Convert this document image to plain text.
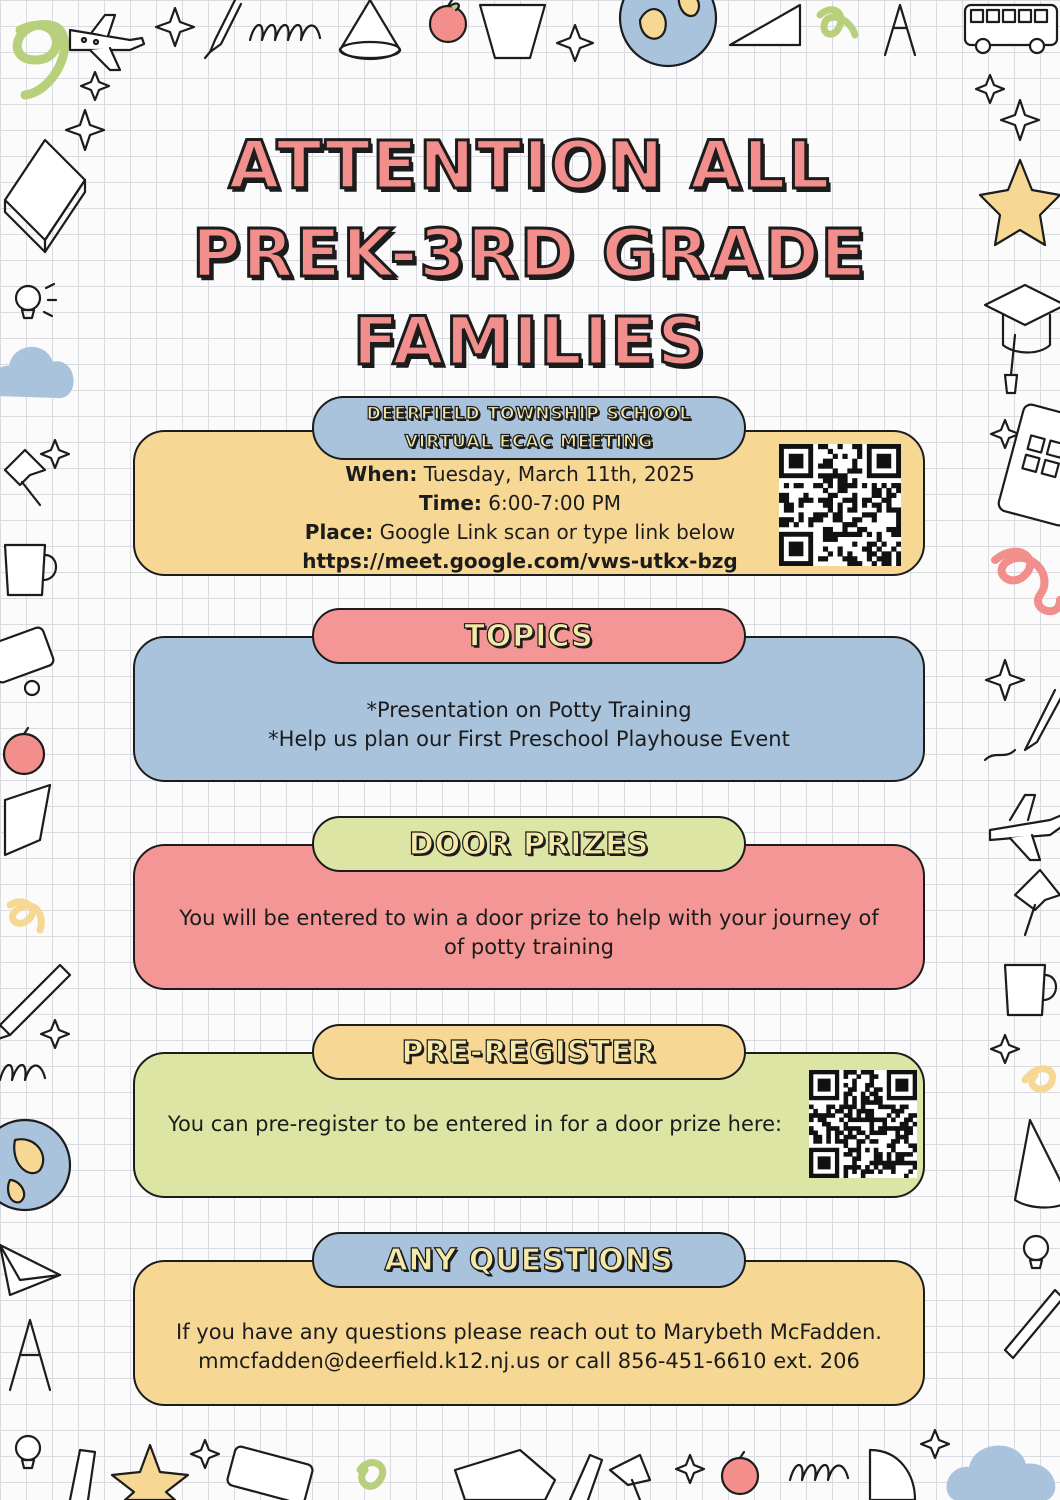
ATTENTION ALL
PREK-3RD GRADE
FAMILIES
When: Tuesday, March 11th, 2025
Time: 6:00-7:00 PM
Place: Google Link scan or type link below
https://meet.google.com/vws-utkx-bzg
DEERFIELD TOWNSHIP SCHOOL
VIRTUAL ECAC MEETING
*Presentation on Potty Training
*Help us plan our First Preschool Playhouse Event
TOPICS
You will be entered to win a door prize to help with your journey of
of potty training
DOOR PRIZES
You can pre-register to be entered in for a door prize here:
PRE-REGISTER
If you have any questions please reach out to Marybeth McFadden.
mmcfadden@deerfield.k12.nj.us or call 856-451-6610 ext. 206
ANY QUESTIONS
